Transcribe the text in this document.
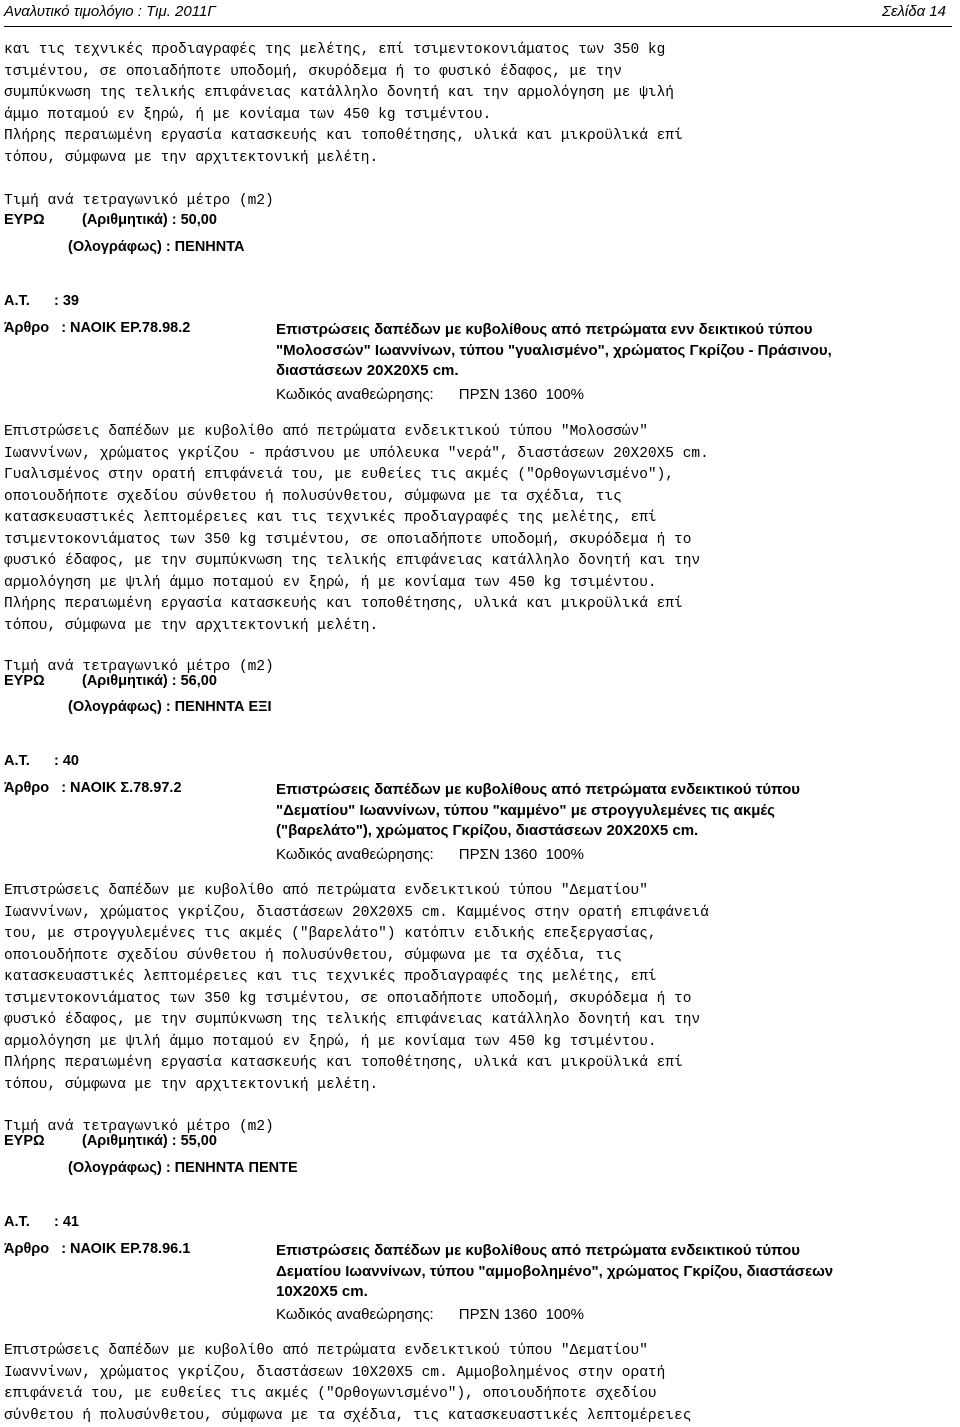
Αναλυτικό τιμολόγιο : Τιμ. 2011Γ	Σελίδα 14
και τις τεχνικές προδιαγραφές της μελέτης, επί τσιμεντοκονιάματος των 350 kg
τσιμέντου, σε οποιαδήποτε υποδομή, σκυρόδεμα ή το φυσικό έδαφος, με την
συμπύκνωση της τελικής επιφάνειας κατάλληλο δονητή και την αρμολόγηση με ψιλή
άμμο ποταμού εν ξηρώ, ή με κονίαμα των 450 kg τσιμέντου.
Πλήρης περαιωμένη εργασία κατασκευής και τοποθέτησης, υλικά και μικροϋλικά επί
τόπου, σύμφωνα με την αρχιτεκτονική μελέτη.
Τιμή ανά τετραγωνικό μέτρο (m2)
ΕΥΡΩ	(Αριθμητικά) : 50,00
(Ολογράφως) : ΠΕΝΗΝΤΑ
Α.Τ.      : 39
Άρθρο   : ΝΑΟΙΚ ΕΡ.78.98.2	Επιστρώσεις δαπέδων με κυβολίθους από πετρώματα ενν δεικτικού τύπου
"Μολοσσών" Ιωαννίνων, τύπου "γυαλισμένο", χρώματος Γκρίζου - Πράσινου,
διαστάσεων 20Χ20Χ5 cm.
Κωδικός αναθεώρησης:      ΠΡΣΝ 1360  100%
Επιστρώσεις δαπέδων με κυβολίθο από πετρώματα ενδεικτικού τύπου "Μολοσσών"
Ιωαννίνων, χρώματος γκρίζου - πράσινου με υπόλευκα "νερά", διαστάσεων 20Χ20Χ5 cm.
Γυαλισμένος στην ορατή επιφάνειά του, με ευθείες τις ακμές ("Ορθογωνισμένο"),
οποιουδήποτε σχεδίου σύνθετου ή πολυσύνθετου, σύμφωνα με τα σχέδια, τις
κατασκευαστικές λεπτομέρειες και τις τεχνικές προδιαγραφές της μελέτης, επί
τσιμεντοκονιάματος των 350 kg τσιμέντου, σε οποιαδήποτε υποδομή, σκυρόδεμα ή το
φυσικό έδαφος, με την συμπύκνωση της τελικής επιφάνειας κατάλληλο δονητή και την
αρμολόγηση με ψιλή άμμο ποταμού εν ξηρώ, ή με κονίαμα των 450 kg τσιμέντου.
Πλήρης περαιωμένη εργασία κατασκευής και τοποθέτησης, υλικά και μικροϋλικά επί
τόπου, σύμφωνα με την αρχιτεκτονική μελέτη.
Τιμή ανά τετραγωνικό μέτρο (m2)
ΕΥΡΩ	(Αριθμητικά) : 56,00
(Ολογράφως) : ΠΕΝΗΝΤΑ ΕΞΙ
Α.Τ.      : 40
Άρθρο   : ΝΑΟΙΚ Σ.78.97.2	Επιστρώσεις δαπέδων με κυβολίθους από πετρώματα ενδεικτικού τύπου
"Δεματίου" Ιωαννίνων, τύπου "καμμένο" με στρογγυλεμένες τις ακμές
("βαρελάτο"), χρώματος Γκρίζου, διαστάσεων 20Χ20Χ5 cm.
Κωδικός αναθεώρησης:      ΠΡΣΝ 1360  100%
Επιστρώσεις δαπέδων με κυβολίθο από πετρώματα ενδεικτικού τύπου "Δεματίου"
Ιωαννίνων, χρώματος γκρίζου, διαστάσεων 20Χ20Χ5 cm. Καμμένος στην ορατή επιφάνειά
του, με στρογγυλεμένες τις ακμές ("βαρελάτο") κατόπιν ειδικής επεξεργασίας,
οποιουδήποτε σχεδίου σύνθετου ή πολυσύνθετου, σύμφωνα με τα σχέδια, τις
κατασκευαστικές λεπτομέρειες και τις τεχνικές προδιαγραφές της μελέτης, επί
τσιμεντοκονιάματος των 350 kg τσιμέντου, σε οποιαδήποτε υποδομή, σκυρόδεμα ή το
φυσικό έδαφος, με την συμπύκνωση της τελικής επιφάνειας κατάλληλο δονητή και την
αρμολόγηση με ψιλή άμμο ποταμού εν ξηρώ, ή με κονίαμα των 450 kg τσιμέντου.
Πλήρης περαιωμένη εργασία κατασκευής και τοποθέτησης, υλικά και μικροϋλικά επί
τόπου, σύμφωνα με την αρχιτεκτονική μελέτη.
Τιμή ανά τετραγωνικό μέτρο (m2)
ΕΥΡΩ	(Αριθμητικά) : 55,00
(Ολογράφως) : ΠΕΝΗΝΤΑ ΠΕΝΤΕ
Α.Τ.      : 41
Άρθρο   : ΝΑΟΙΚ ΕΡ.78.96.1	Επιστρώσεις δαπέδων με κυβολίθους από πετρώματα ενδεικτικού τύπου
Δεματίου Ιωαννίνων, τύπου "αμμοβολημένο", χρώματος Γκρίζου, διαστάσεων
10Χ20Χ5 cm.
Κωδικός αναθεώρησης:      ΠΡΣΝ 1360  100%
Επιστρώσεις δαπέδων με κυβολίθο από πετρώματα ενδεικτικού τύπου "Δεματίου"
Ιωαννίνων, χρώματος γκρίζου, διαστάσεων 10Χ20Χ5 cm. Αμμοβολημένος στην ορατή
επιφάνειά του, με ευθείες τις ακμές ("Ορθογωνισμένο"), οποιουδήποτε σχεδίου
σύνθετου ή πολυσύνθετου, σύμφωνα με τα σχέδια, τις κατασκευαστικές λεπτομέρειες
